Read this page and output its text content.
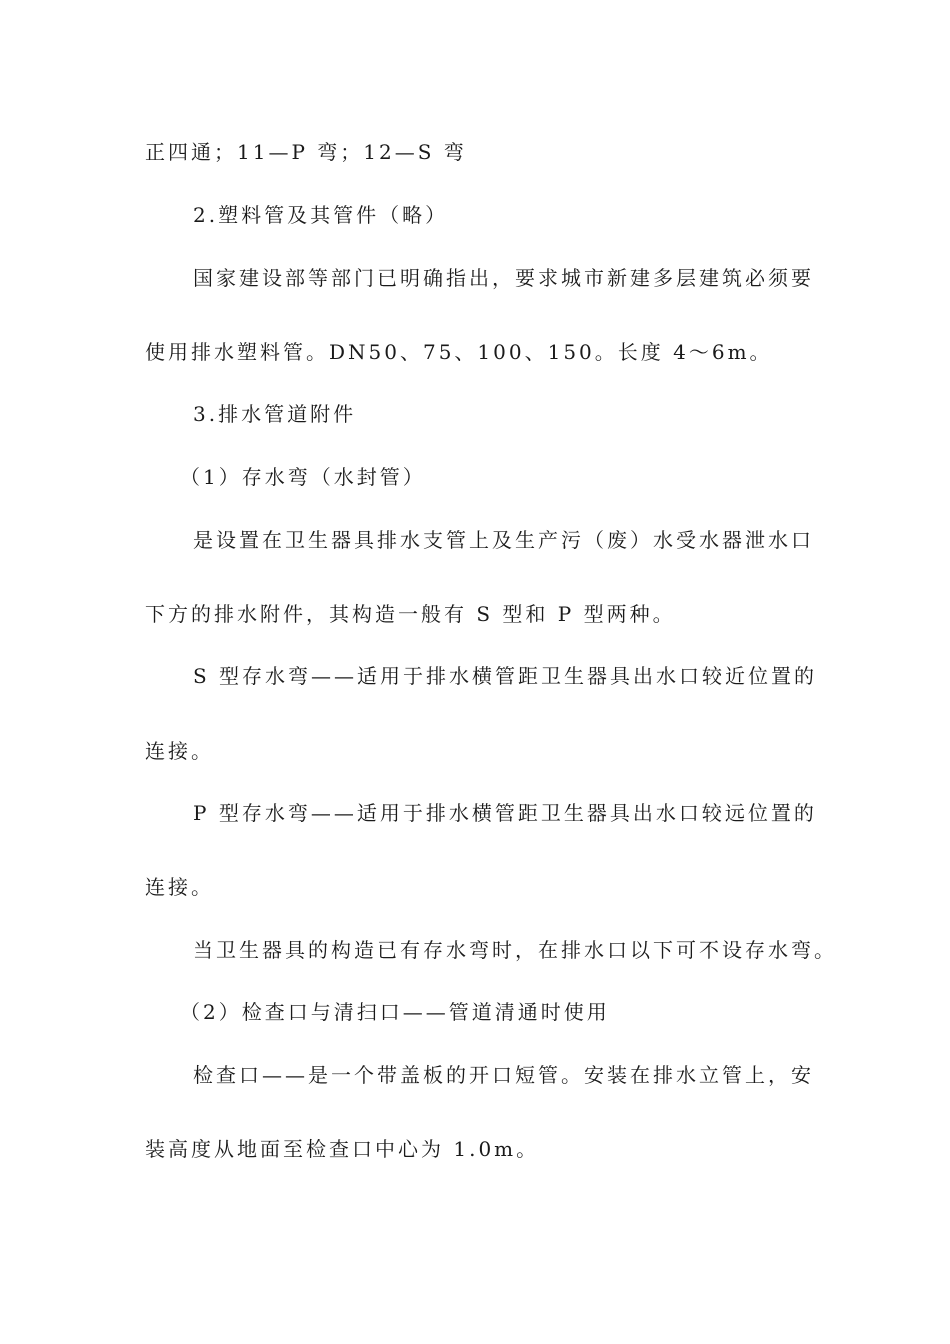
正四通；11—P 弯；12—S 弯

2.塑料管及其管件（略）

国家建设部等部门已明确指出，要求城市新建多层建筑必须要

使用排水塑料管。DN50、75、100、150。长度 4～6m。

3.排水管道附件

（1）存水弯（水封管）

是设置在卫生器具排水支管上及生产污（废）水受水器泄水口

下方的排水附件，其构造一般有 S 型和 P 型两种。

S 型存水弯——适用于排水横管距卫生器具出水口较近位置的

连接。

P 型存水弯——适用于排水横管距卫生器具出水口较远位置的

连接。

当卫生器具的构造已有存水弯时，在排水口以下可不设存水弯。

（2）检查口与清扫口——管道清通时使用

检查口——是一个带盖板的开口短管。安装在排水立管上，安

装高度从地面至检查口中心为 1.0m。
